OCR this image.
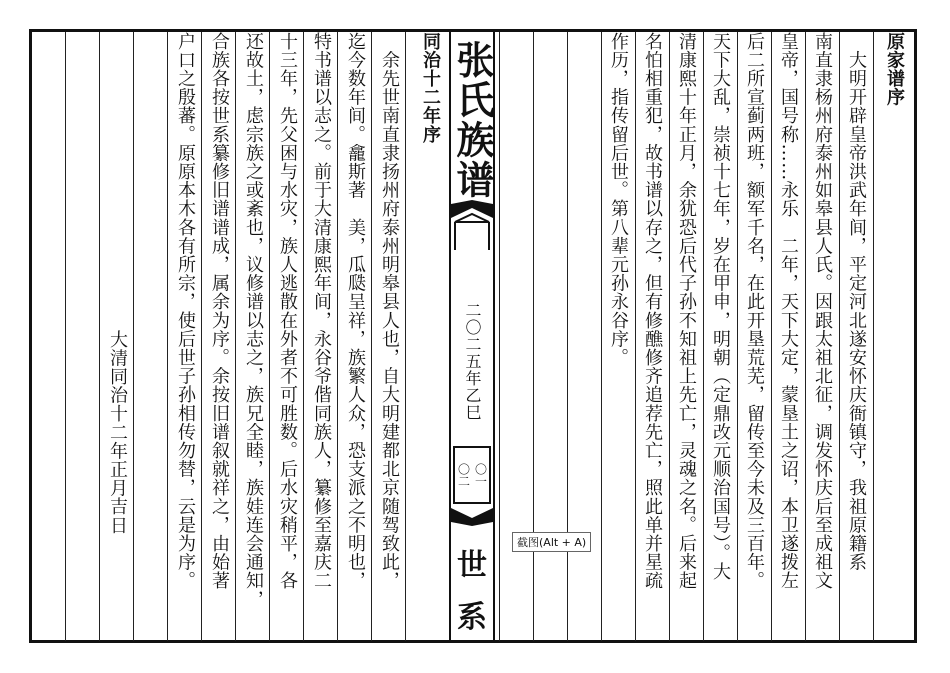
原家谱序
　大明开辟皇帝洪武年间，平定河北遂安怀庆衙镇守，我祖原籍系
南直隶杨州府泰州如皋县人氏。因跟太祖北征，调发怀庆后至成祖文
皇帝，国号称……永乐　二年，天下大定，蒙垦土之诏，本卫遂拨左
后二所宣蓟两班，额军千名，在此开垦荒芜，留传至今未及三百年。
天下大乱，崇祯十七年，岁在甲申，明朝（定鼎改元顺治国号）。大
清康熙十年正月，余犹恐后代子孙不知祖上先亡，灵魂之名。后来起
名怕相重犯，故书谱以存之，但有修醮修齐追荐先亡，照此单并星疏
作历，指传留后世。第八辈元孙永谷序。
张氏族谱
二〇二五年乙巳
〇二 〇一
世
系
同治十二年序
　余先世南直隶扬州府泰州明皋县人也，自大明建都北京随驾致此，
迄今数年间。龕斯著　美，瓜瓞呈祥，族繁人众，恐支派之不明也，
特书谱以志之。前于大清康熙年间，永谷爷偕同族人，纂修至嘉庆二
十三年，先父困与水灾，族人逃散在外者不可胜数。后水灾稍平，各
还故土，虑宗族之或紊也，议修谱以志之，族兄全睦，族娃连会通知，
合族各按世系纂修旧谱谱成，属余为序。余按旧谱叙就祥之，由始著
户口之殷蕃。原原本木各有所宗，使后世子孙相传勿替，云是为序。
大清同治十二年正月吉日
截图(Alt + A)
